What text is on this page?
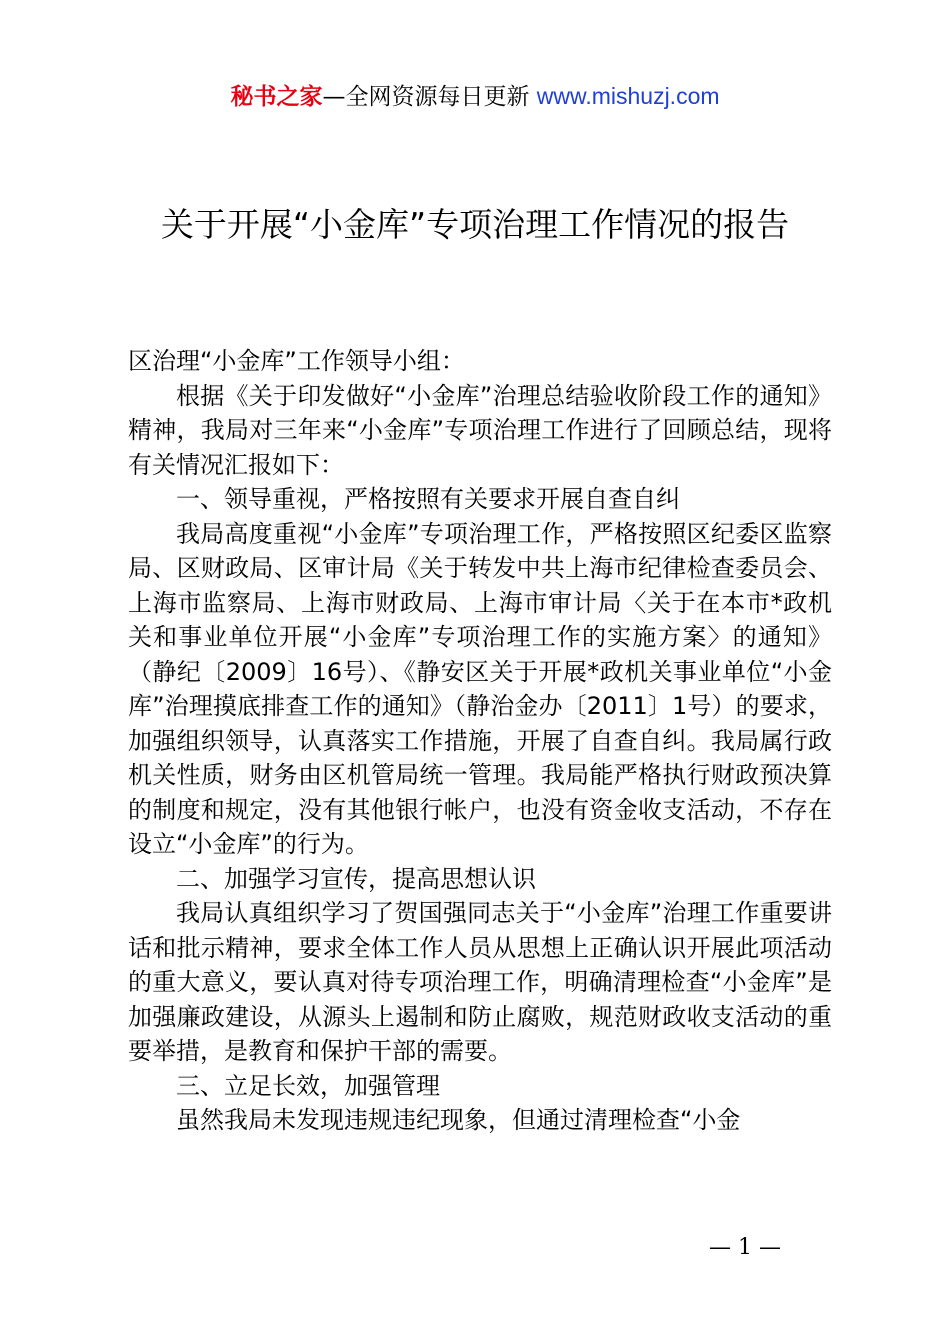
秘书之家—全网资源每日更新 www.mishuzj.com
关于开展“小金库”专项治理工作情况的报告

区治理“小金库”工作领导小组：

根据《关于印发做好“小金库”治理总结验收阶段工作的通知》精神，我局对三年来“小金库”专项治理工作进行了回顾总结，现将有关情况汇报如下：

一、领导重视，严格按照有关要求开展自查自纠

我局高度重视“小金库”专项治理工作，严格按照区纪委区监察局、区财政局、区审计局《关于转发中共上海市纪律检查委员会、上海市监察局、上海市财政局、上海市审计局〈关于在本市*政机关和事业单位开展“小金库”专项治理工作的实施方案〉的通知》（静纪〔2009〕16号）、《静安区关于开展*政机关事业单位“小金库”治理摸底排查工作的通知》（静治金办〔2011〕1号）的要求，加强组织领导，认真落实工作措施，开展了自查自纠。我局属行政机关性质，财务由区机管局统一管理。我局能严格执行财政预决算的制度和规定，没有其他银行帐户，也没有资金收支活动，不存在设立“小金库”的行为。

二、加强学习宣传，提高思想认识

我局认真组织学习了贺国强同志关于“小金库”治理工作重要讲话和批示精神，要求全体工作人员从思想上正确认识开展此项活动的重大意义，要认真对待专项治理工作，明确清理检查“小金库”是加强廉政建设，从源头上遏制和防止腐败，规范财政收支活动的重要举措，是教育和保护干部的需要。

三、立足长效，加强管理

虽然我局未发现违规违纪现象，但通过清理检查“小金

— 1 —
